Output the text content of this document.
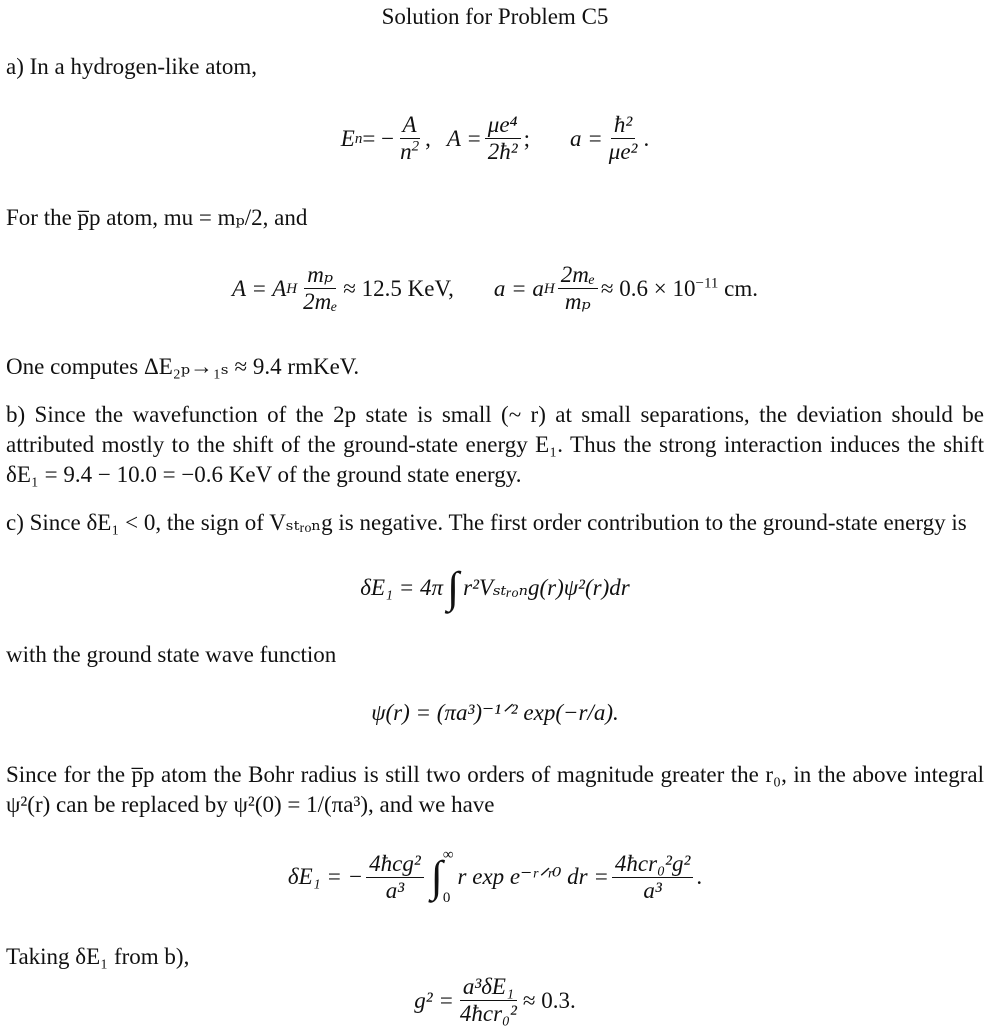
Solution for Problem C5
a) In a hydrogen-like atom,
E n = − $\frac{A}{n^2}$ , $A = \frac{\text{μe⁴}}{\text{2ħ²}}$ ; $a = \frac{\text{ħ²}}{\text{μe²}}$ .
For the p̅p atom, mu = mₚ/2, and
A = A H $\frac{\text{mₚ}}{\text{2mₑ}} \approx 12.5$ KeV, a = a H $\frac{\text{2mₑ}}{\text{mₚ}} \approx 0.6 \times 10^{-11}$ cm.
One computes ΔE₂ₚ→₁ₛ ≈ 9.4 rmKeV.
b) Since the wavefunction of the 2p state is small (~ r) at small separations, the deviation should be attributed mostly to the shift of the ground-state energy E₁. Thus the strong interaction induces the shift δE₁ = 9.4 − 10.0 = −0.6 KeV of the ground state energy.
c) Since δE₁ < 0, the sign of Vₛₜᵣₒₙg is negative. The first order contribution to the ground-state energy is
δE₁ = 4π ∫ r²Vₛₜᵣₒₙg(r)ψ²(r)dr
with the ground state wave function
ψ(r) = (πa³)⁻¹ᐟ² exp(−r/a).
Since for the p̅p atom the Bohr radius is still two orders of magnitude greater the r₀, in the above integral ψ²(r) can be replaced by ψ²(0) = 1/(πa³), and we have
δE₁ = − $\frac{\text{4ħcg²}}{\text{a³}}$ ∫ ∞
0
r exp e⁻ʳᐟʳ⁰ dr = $\frac{\text{4ħcr₀²g²}}{\text{a³}}$ .
Taking δE₁ from b),
$g^2 = \frac{\text{a³δE₁}}{\text{4ħcr₀²}} \approx 0.3$.
